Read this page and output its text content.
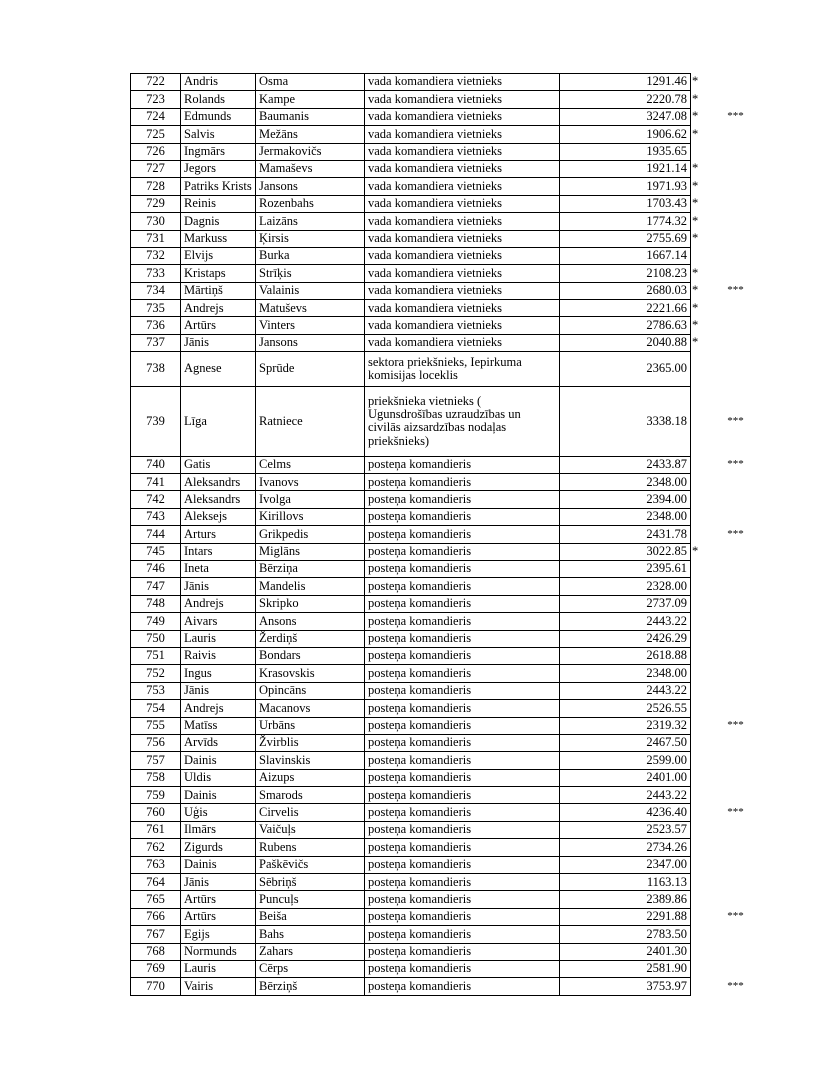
722	Andris	Osma	vada komandiera vietnieks	1291.46	*	
723	Rolands	Kampe	vada komandiera vietnieks	2220.78	*	
724	Edmunds	Baumanis	vada komandiera vietnieks	3247.08	*	***
725	Salvis	Mežāns	vada komandiera vietnieks	1906.62	*	
726	Ingmārs	Jermakovičs	vada komandiera vietnieks	1935.65		
727	Jegors	Mamaševs	vada komandiera vietnieks	1921.14	*	
728	Patriks Krists	Jansons	vada komandiera vietnieks	1971.93	*	
729	Reinis	Rozenbahs	vada komandiera vietnieks	1703.43	*	
730	Dagnis	Laizāns	vada komandiera vietnieks	1774.32	*	
731	Markuss	Ķirsis	vada komandiera vietnieks	2755.69	*	
732	Elvijs	Burka	vada komandiera vietnieks	1667.14		
733	Kristaps	Strīķis	vada komandiera vietnieks	2108.23	*	
734	Mārtiņš	Valainis	vada komandiera vietnieks	2680.03	*	***
735	Andrejs	Matuševs	vada komandiera vietnieks	2221.66	*	
736	Artūrs	Vinters	vada komandiera vietnieks	2786.63	*	
737	Jānis	Jansons	vada komandiera vietnieks	2040.88	*	
738	Agnese	Sprūde	sektora priekšnieks, Iepirkuma komisijas loceklis	2365.00		
739	Līga	Ratniece	priekšnieka vietnieks ( Ugunsdrošības uzraudzības un civilās aizsardzības nodaļas priekšnieks)	3338.18		***
740	Gatis	Celms	posteņa komandieris	2433.87		***
741	Aleksandrs	Ivanovs	posteņa komandieris	2348.00		
742	Aleksandrs	Ivolga	posteņa komandieris	2394.00		
743	Aleksejs	Kirillovs	posteņa komandieris	2348.00		
744	Arturs	Grikpedis	posteņa komandieris	2431.78		***
745	Intars	Miglāns	posteņa komandieris	3022.85	*	
746	Ineta	Bērziņa	posteņa komandieris	2395.61		
747	Jānis	Mandelis	posteņa komandieris	2328.00		
748	Andrejs	Skripko	posteņa komandieris	2737.09		
749	Aivars	Ansons	posteņa komandieris	2443.22		
750	Lauris	Žerdiņš	posteņa komandieris	2426.29		
751	Raivis	Bondars	posteņa komandieris	2618.88		
752	Ingus	Krasovskis	posteņa komandieris	2348.00		
753	Jānis	Opincāns	posteņa komandieris	2443.22		
754	Andrejs	Macanovs	posteņa komandieris	2526.55		
755	Matīss	Urbāns	posteņa komandieris	2319.32		***
756	Arvīds	Žvirblis	posteņa komandieris	2467.50		
757	Dainis	Slavinskis	posteņa komandieris	2599.00		
758	Uldis	Aizups	posteņa komandieris	2401.00		
759	Dainis	Smarods	posteņa komandieris	2443.22		
760	Uģis	Cirvelis	posteņa komandieris	4236.40		***
761	Ilmārs	Vaičuļs	posteņa komandieris	2523.57		
762	Zigurds	Rubens	posteņa komandieris	2734.26		
763	Dainis	Paškēvičs	posteņa komandieris	2347.00		
764	Jānis	Sēbriņš	posteņa komandieris	1163.13		
765	Artūrs	Puncuļs	posteņa komandieris	2389.86		
766	Artūrs	Beiša	posteņa komandieris	2291.88		***
767	Egijs	Bahs	posteņa komandieris	2783.50		
768	Normunds	Zahars	posteņa komandieris	2401.30		
769	Lauris	Cērps	posteņa komandieris	2581.90		
770	Vairis	Bērziņš	posteņa komandieris	3753.97		***
